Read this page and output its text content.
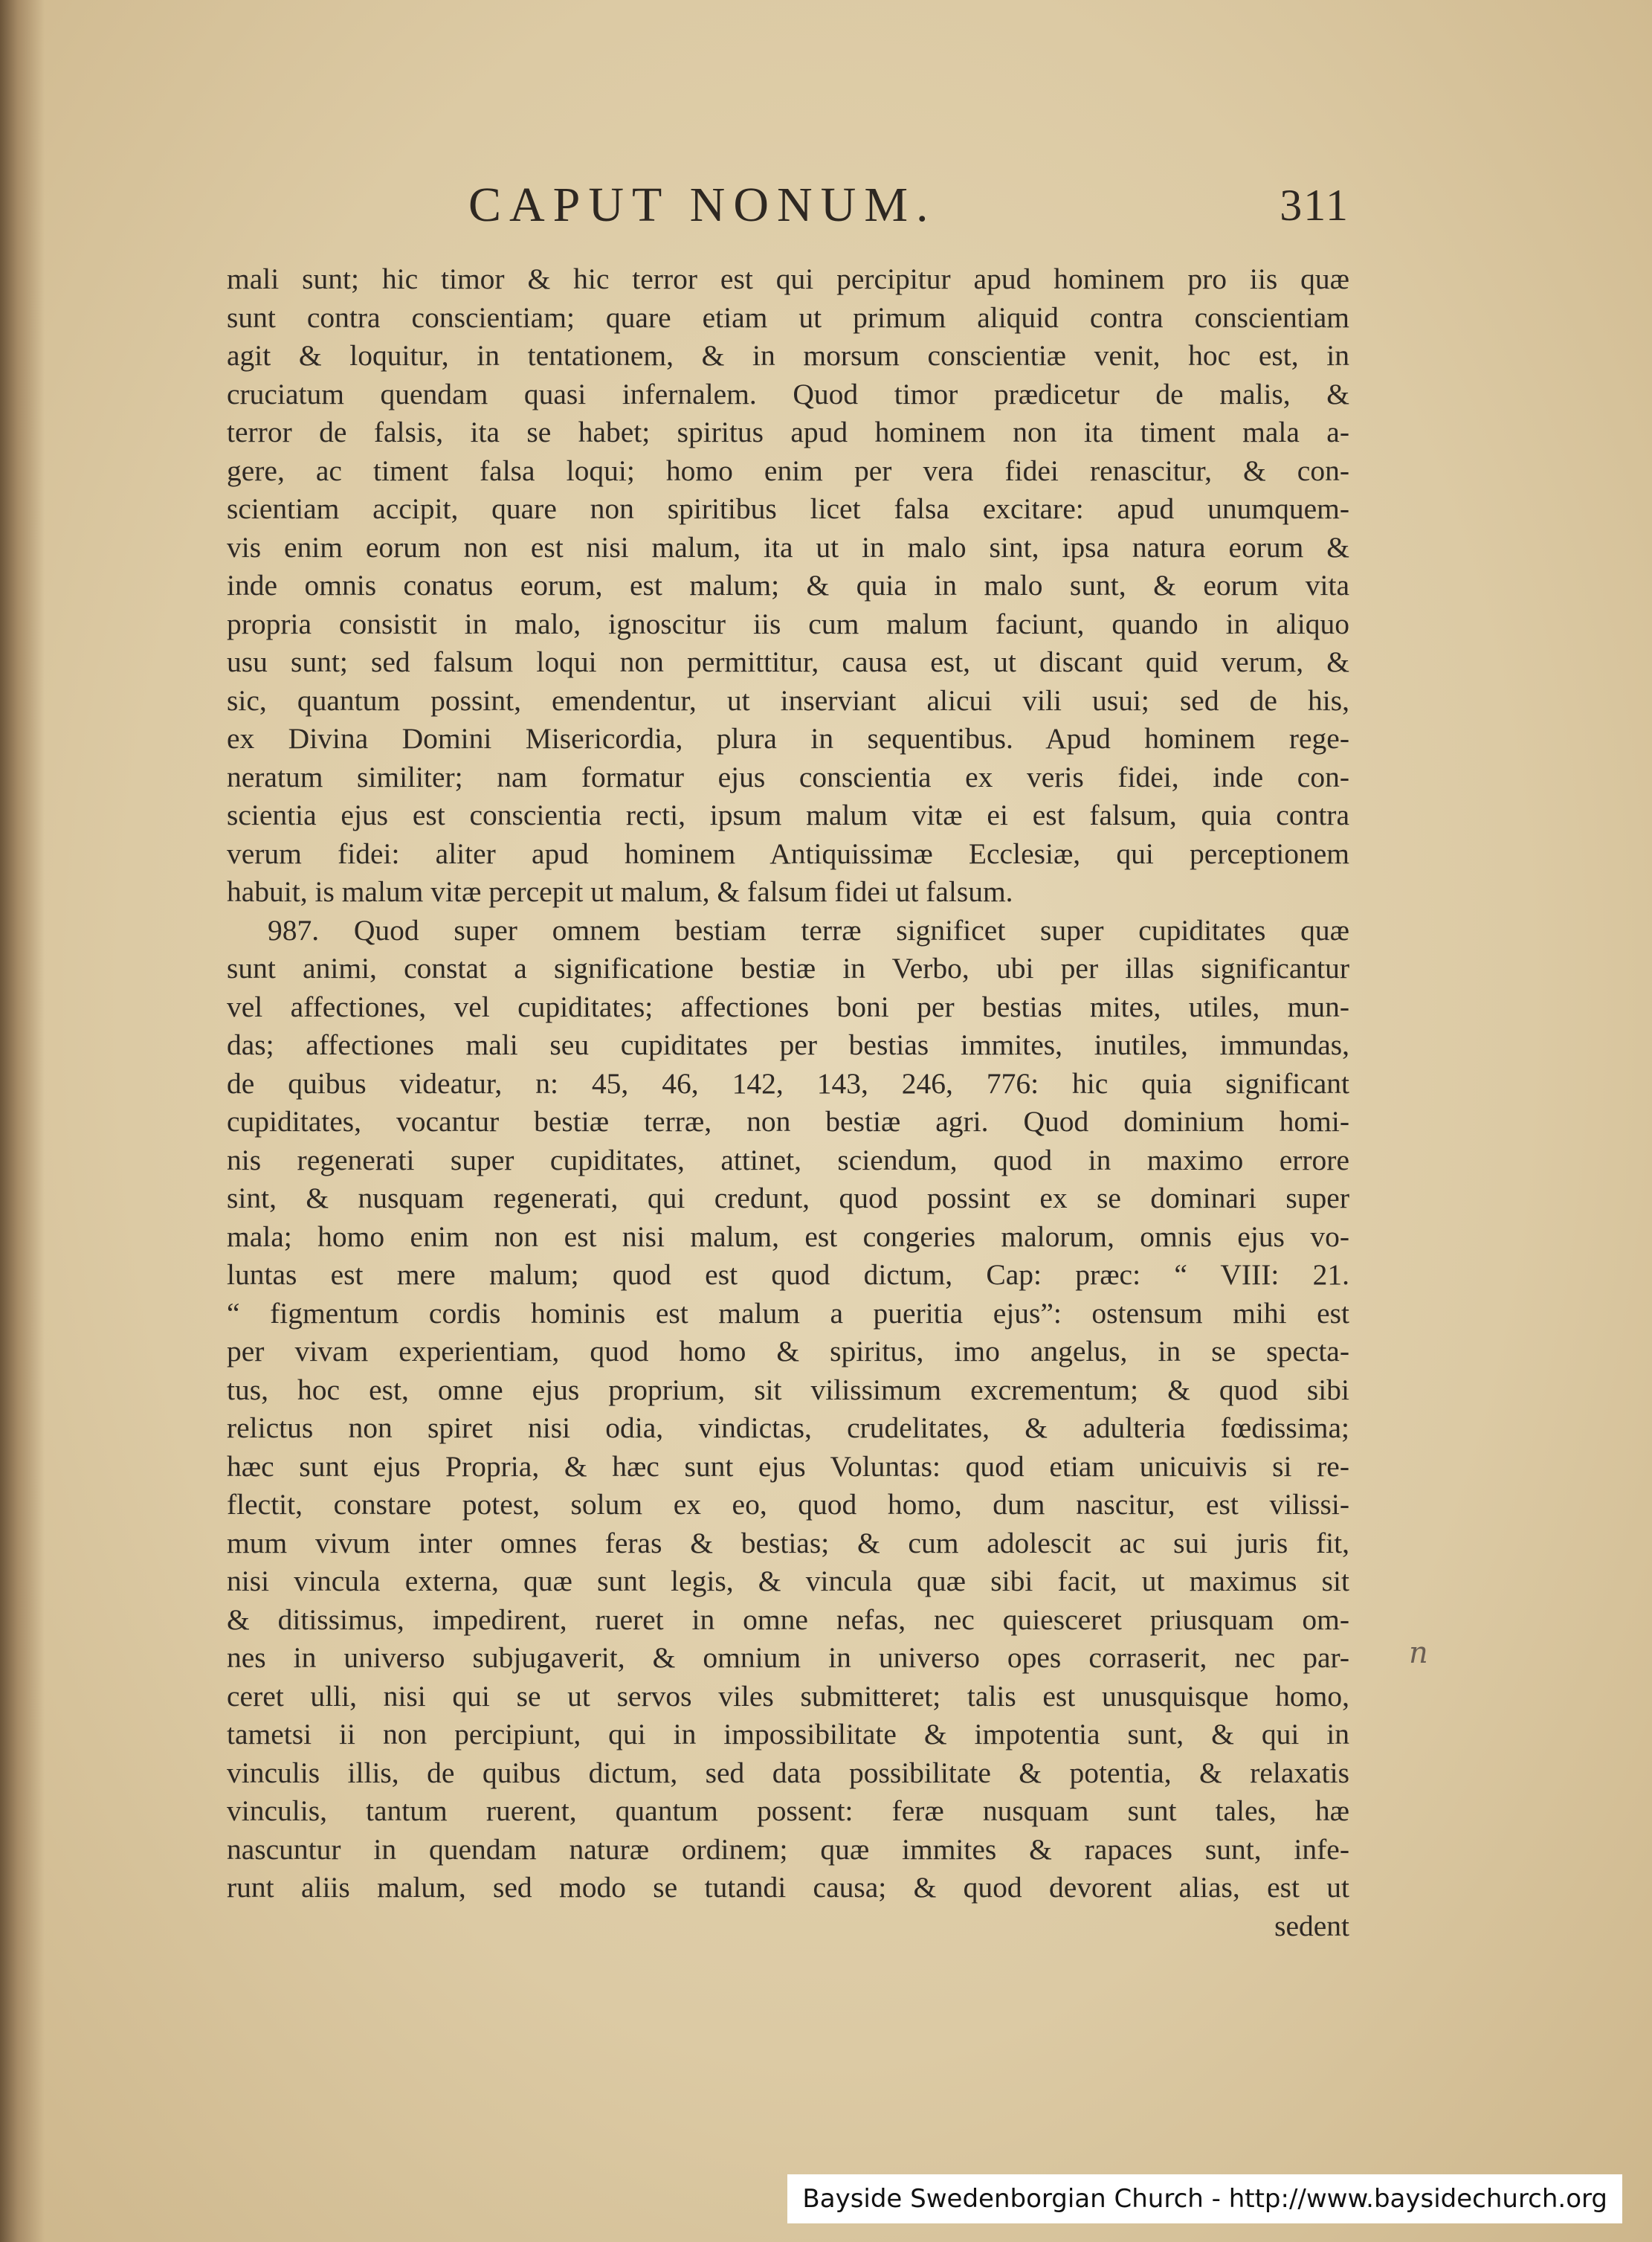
CAPUT NONUM.	311
mali sunt; hic timor & hic terror est qui percipitur apud hominem pro iis quæ
sunt contra conscientiam; quare etiam ut primum aliquid contra conscientiam
agit & loquitur, in tentationem, & in morsum conscientiæ venit, hoc est, in
cruciatum quendam quasi infernalem. Quod timor prædicetur de malis, &
terror de falsis, ita se habet; spiritus apud hominem non ita timent mala a-
gere, ac timent falsa loqui; homo enim per vera fidei renascitur, & con-
scientiam accipit, quare non spiritibus licet falsa excitare: apud unumquem-
vis enim eorum non est nisi malum, ita ut in malo sint, ipsa natura eorum &
inde omnis conatus eorum, est malum; & quia in malo sunt, & eorum vita
propria consistit in malo, ignoscitur iis cum malum faciunt, quando in aliquo
usu sunt; sed falsum loqui non permittitur, causa est, ut discant quid verum, &
sic, quantum possint, emendentur, ut inserviant alicui vili usui; sed de his,
ex Divina Domini Misericordia, plura in sequentibus. Apud hominem rege-
neratum similiter; nam formatur ejus conscientia ex veris fidei, inde con-
scientia ejus est conscientia recti, ipsum malum vitæ ei est falsum, quia contra
verum fidei: aliter apud hominem Antiquissimæ Ecclesiæ, qui perceptionem
habuit, is malum vitæ percepit ut malum, & falsum fidei ut falsum.
987. Quod super omnem bestiam terræ significet super cupiditates quæ
sunt animi, constat a significatione bestiæ in Verbo, ubi per illas significantur
vel affectiones, vel cupiditates; affectiones boni per bestias mites, utiles, mun-
das; affectiones mali seu cupiditates per bestias immites, inutiles, immundas,
de quibus videatur, n: 45, 46, 142, 143, 246, 776: hic quia significant
cupiditates, vocantur bestiæ terræ, non bestiæ agri. Quod dominium homi-
nis regenerati super cupiditates, attinet, sciendum, quod in maximo errore
sint, & nusquam regenerati, qui credunt, quod possint ex se dominari super
mala; homo enim non est nisi malum, est congeries malorum, omnis ejus vo-
luntas est mere malum; quod est quod dictum, Cap: præc: “ VIII: 21.
“ figmentum cordis hominis est malum a pueritia ejus”: ostensum mihi est
per vivam experientiam, quod homo & spiritus, imo angelus, in se specta-
tus, hoc est, omne ejus proprium, sit vilissimum excrementum; & quod sibi
relictus non spiret nisi odia, vindictas, crudelitates, & adulteria fœdissima;
hæc sunt ejus Propria, & hæc sunt ejus Voluntas: quod etiam unicuivis si re-
flectit, constare potest, solum ex eo, quod homo, dum nascitur, est vilissi-
mum vivum inter omnes feras & bestias; & cum adolescit ac sui juris fit,
nisi vincula externa, quæ sunt legis, & vincula quæ sibi facit, ut maximus sit
& ditissimus, impedirent, rueret in omne nefas, nec quiesceret priusquam om-
nes in universo subjugaverit, & omnium in universo opes corraserit, nec par-
ceret ulli, nisi qui se ut servos viles submitteret; talis est unusquisque homo,
tametsi ii non percipiunt, qui in impossibilitate & impotentia sunt, & qui in
vinculis illis, de quibus dictum, sed data possibilitate & potentia, & relaxatis
vinculis, tantum ruerent, quantum possent: feræ nusquam sunt tales, hæ
nascuntur in quendam naturæ ordinem; quæ immites & rapaces sunt, infe-
runt aliis malum, sed modo se tutandi causa; & quod devorent alias, est ut
sedent
n
Bayside Swedenborgian Church - http://www.baysidechurch.org
